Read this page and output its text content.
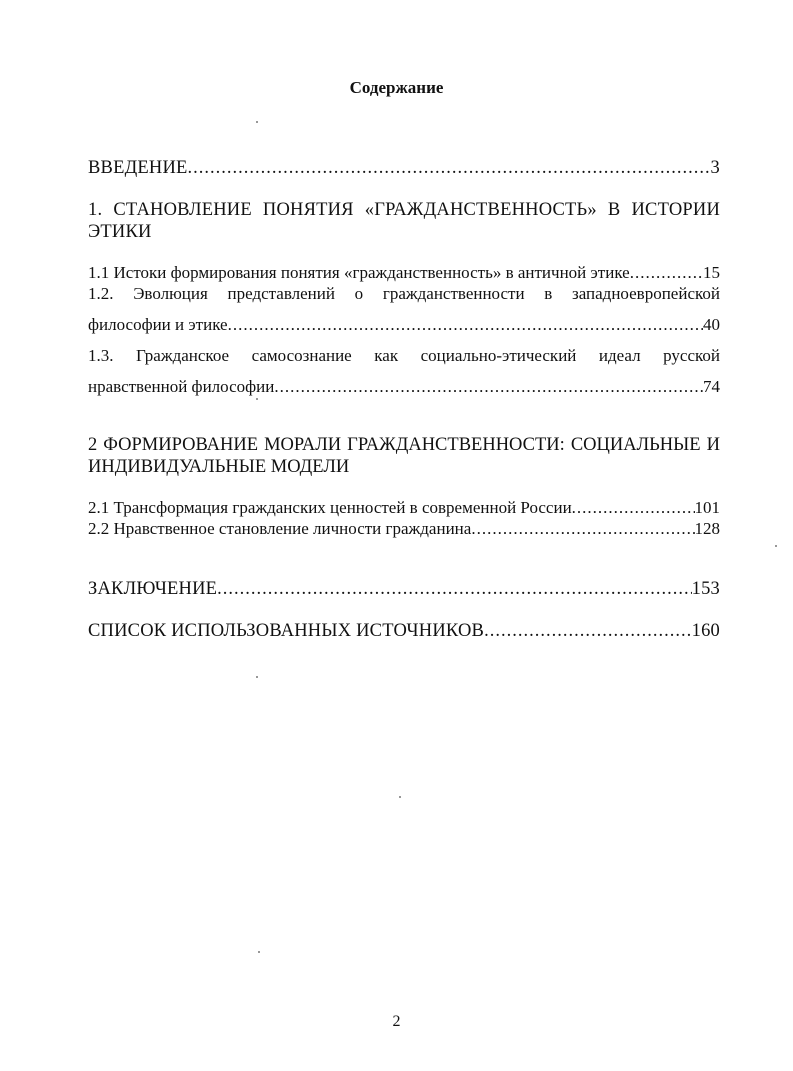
Содержание
ВВЕДЕНИЕ .....	3
1. СТАНОВЛЕНИЕ ПОНЯТИЯ «ГРАЖДАНСТВЕННОСТЬ» В ИСТОРИИ
ЭТИКИ
1.1 Истоки формирования понятия «гражданственность» в античной этике .....	15
1.2. Эволюция представлений о гражданственности в западноевропейской
философии и этике .....	40
1.3. Гражданское самосознание как социально-этический идеал русской
нравственной философии .....	74
2 ФОРМИРОВАНИЕ МОРАЛИ ГРАЖДАНСТВЕННОСТИ: СОЦИАЛЬНЫЕ И
ИНДИВИДУАЛЬНЫЕ МОДЕЛИ
2.1 Трансформация гражданских ценностей в современной России .....	101
2.2 Нравственное становление личности гражданина .....	128
ЗАКЛЮЧЕНИЕ .....	153
СПИСОК ИСПОЛЬЗОВАННЫХ ИСТОЧНИКОВ .....	160
2
